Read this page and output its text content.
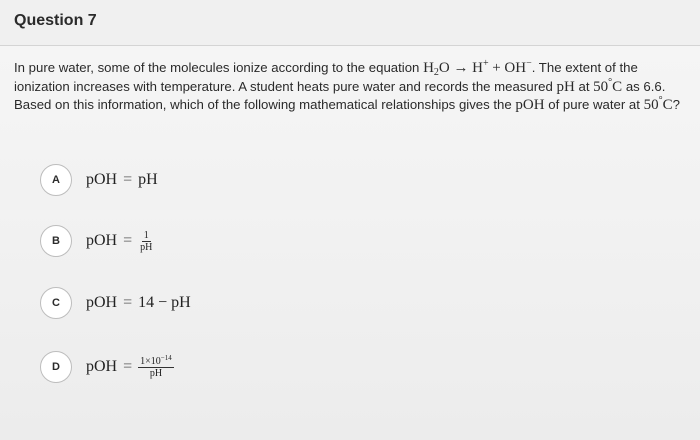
Question 7
In pure water, some of the molecules ionize according to the equation $H_2O \to H^+ + OH^-$. The extent of the ionization increases with temperature. A student heats pure water and records the measured pH at 50°C as 6.6. Based on this information, which of the following mathematical relationships gives the pOH of pure water at 50°C?
A	pOH = pH
B	pOH = $\frac{1}{pH}$
C	pOH = 14 − pH
D	pOH = $\frac{1\times 10^{-14}}{pH}$
